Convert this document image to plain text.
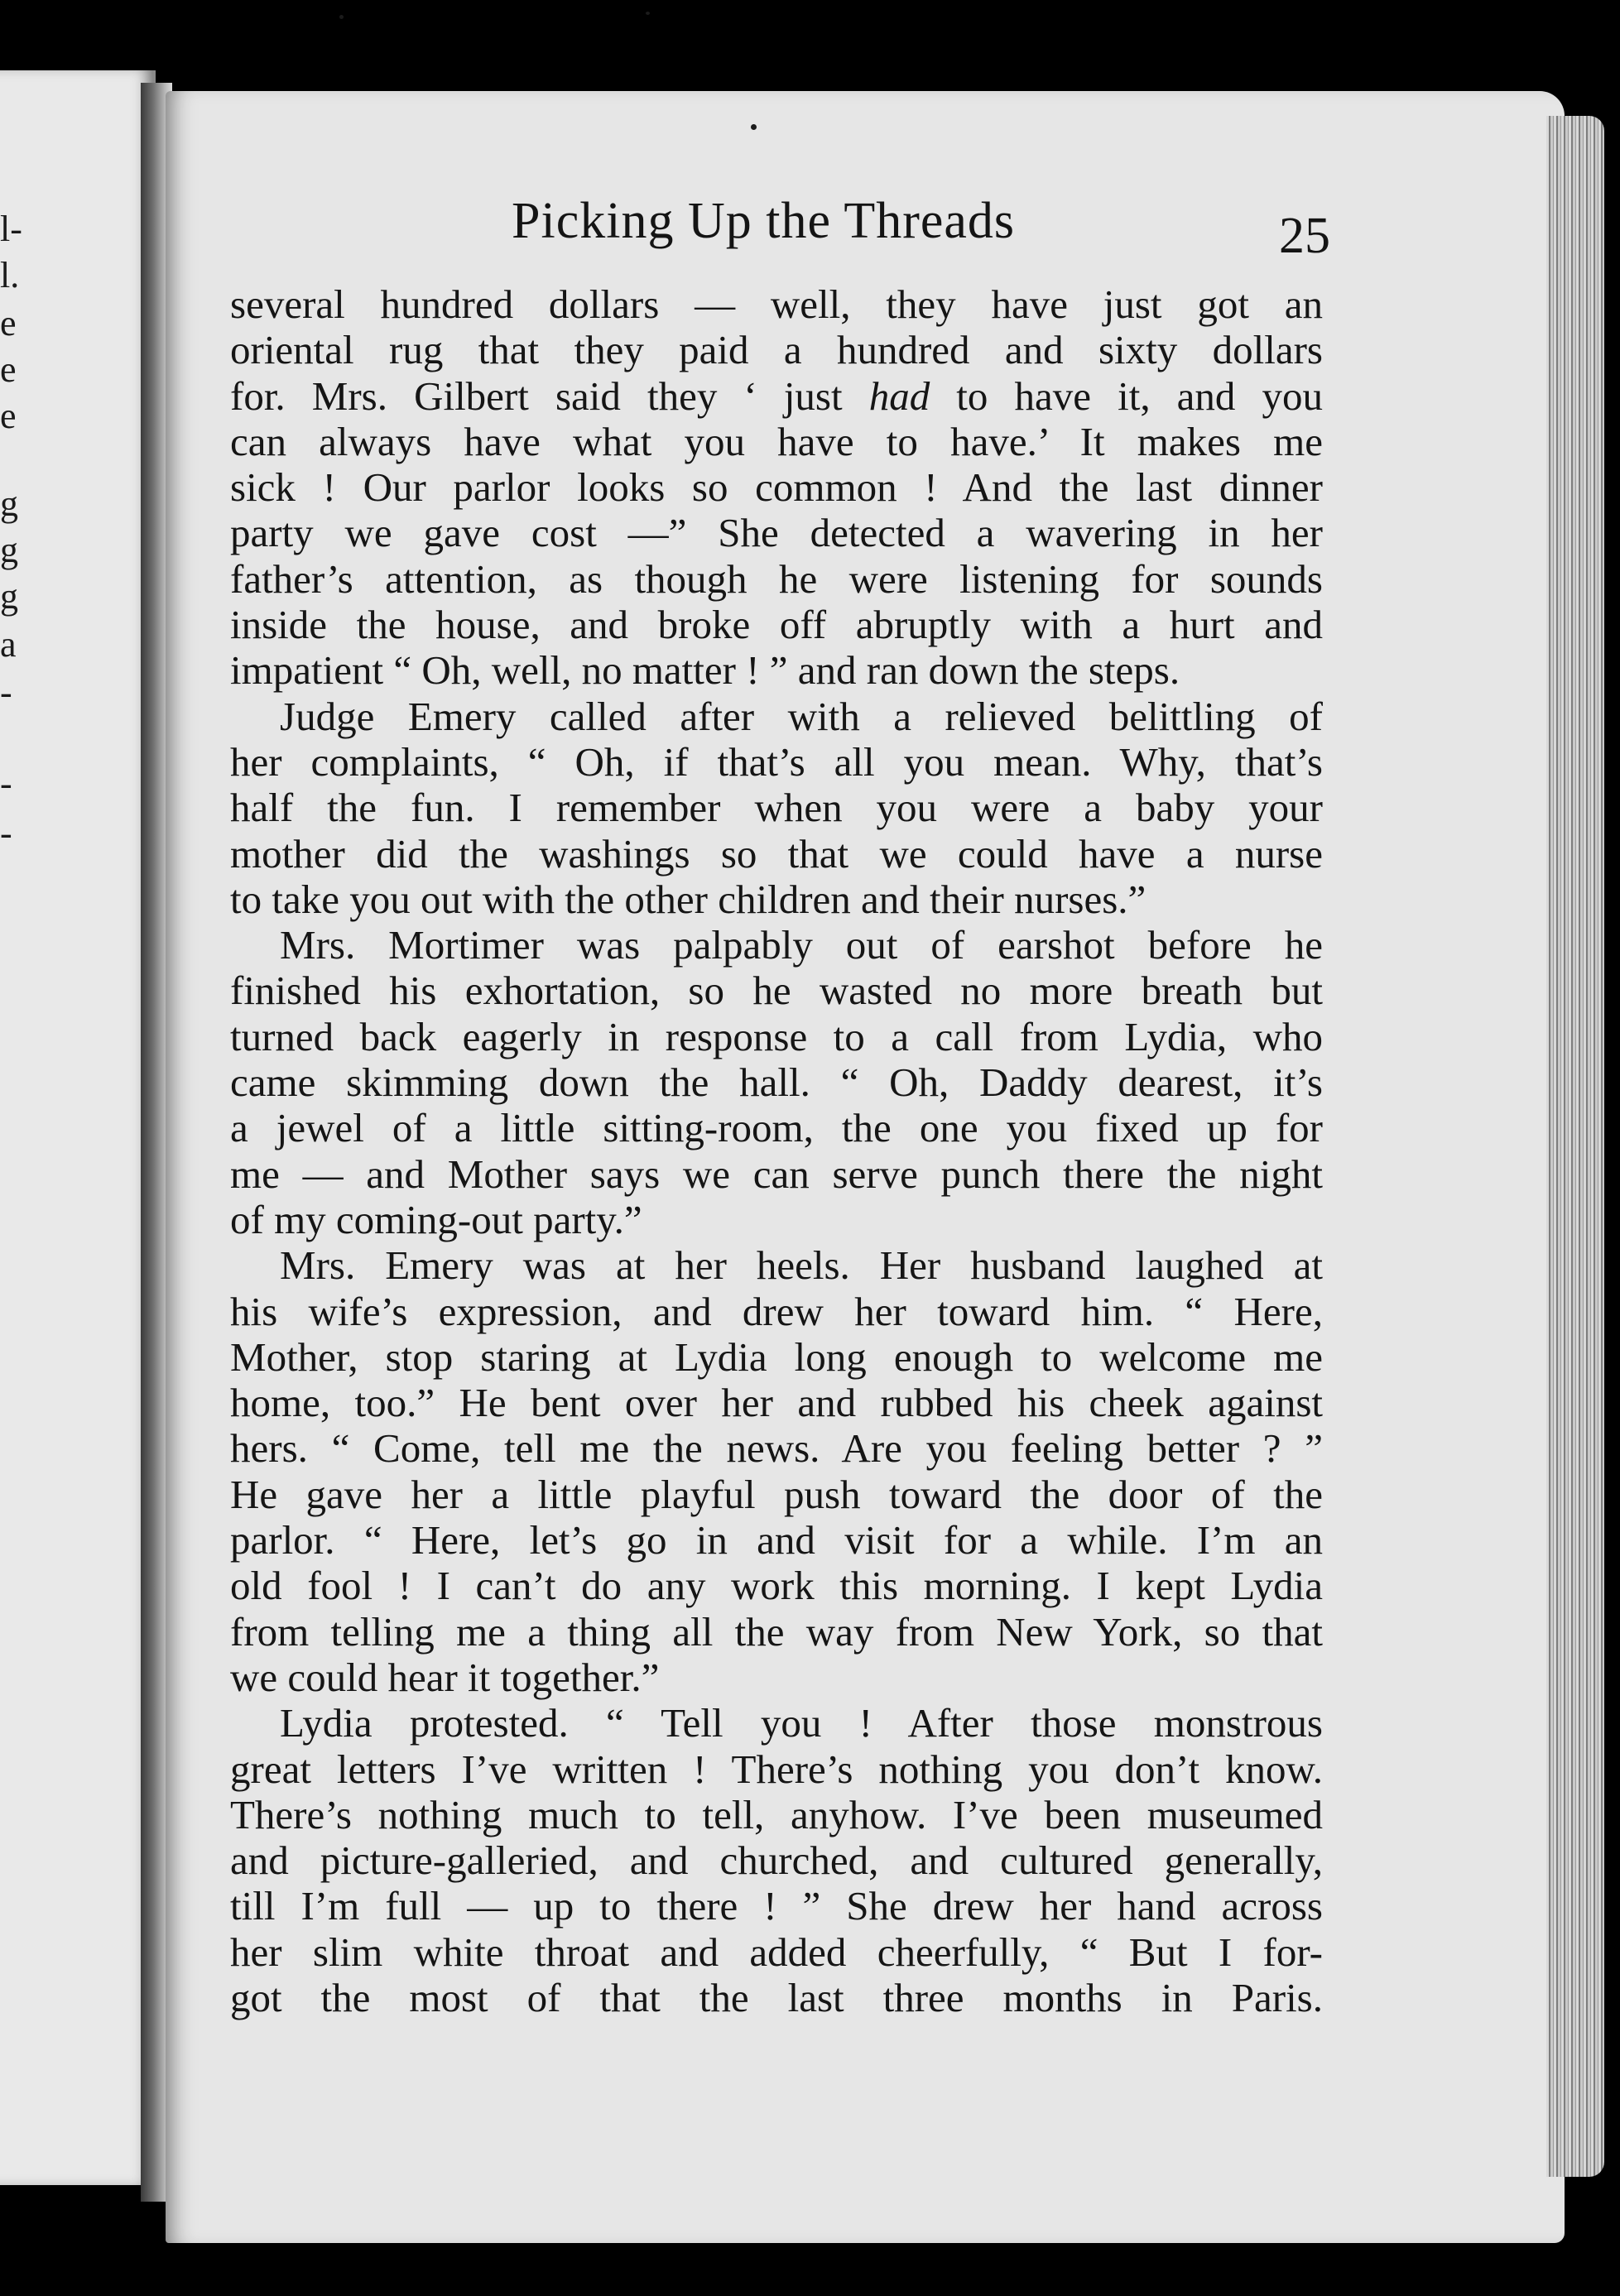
l-
l.
e
e
e
g
g
g
a
-
-
-
Picking Up the Threads	25
several hundred dollars — well, they have just got an
oriental rug that they paid a hundred and sixty dollars
for. Mrs. Gilbert said they ‘ just had to have it, and you
can always have what you have to have.’ It makes me
sick ! Our parlor looks so common ! And the last dinner
party we gave cost —” She detected a wavering in her
father’s attention, as though he were listening for sounds
inside the house, and broke off abruptly with a hurt and
impatient “ Oh, well, no matter ! ” and ran down the steps.
Judge Emery called after with a relieved belittling of
her complaints, “ Oh, if that’s all you mean. Why, that’s
half the fun. I remember when you were a baby your
mother did the washings so that we could have a nurse
to take you out with the other children and their nurses.”
Mrs. Mortimer was palpably out of earshot before he
finished his exhortation, so he wasted no more breath but
turned back eagerly in response to a call from Lydia, who
came skimming down the hall. “ Oh, Daddy dearest, it’s
a jewel of a little sitting-room, the one you fixed up for
me — and Mother says we can serve punch there the night
of my coming-out party.”
Mrs. Emery was at her heels. Her husband laughed at
his wife’s expression, and drew her toward him. “ Here,
Mother, stop staring at Lydia long enough to welcome me
home, too.” He bent over her and rubbed his cheek against
hers. “ Come, tell me the news. Are you feeling better ? ”
He gave her a little playful push toward the door of the
parlor. “ Here, let’s go in and visit for a while. I’m an
old fool ! I can’t do any work this morning. I kept Lydia
from telling me a thing all the way from New York, so that
we could hear it together.”
Lydia protested. “ Tell you ! After those monstrous
great letters I’ve written ! There’s nothing you don’t know.
There’s nothing much to tell, anyhow. I’ve been museumed
and picture-galleried, and churched, and cultured generally,
till I’m full — up to there ! ” She drew her hand across
her slim white throat and added cheerfully, “ But I for-
got the most of that the last three months in Paris.
